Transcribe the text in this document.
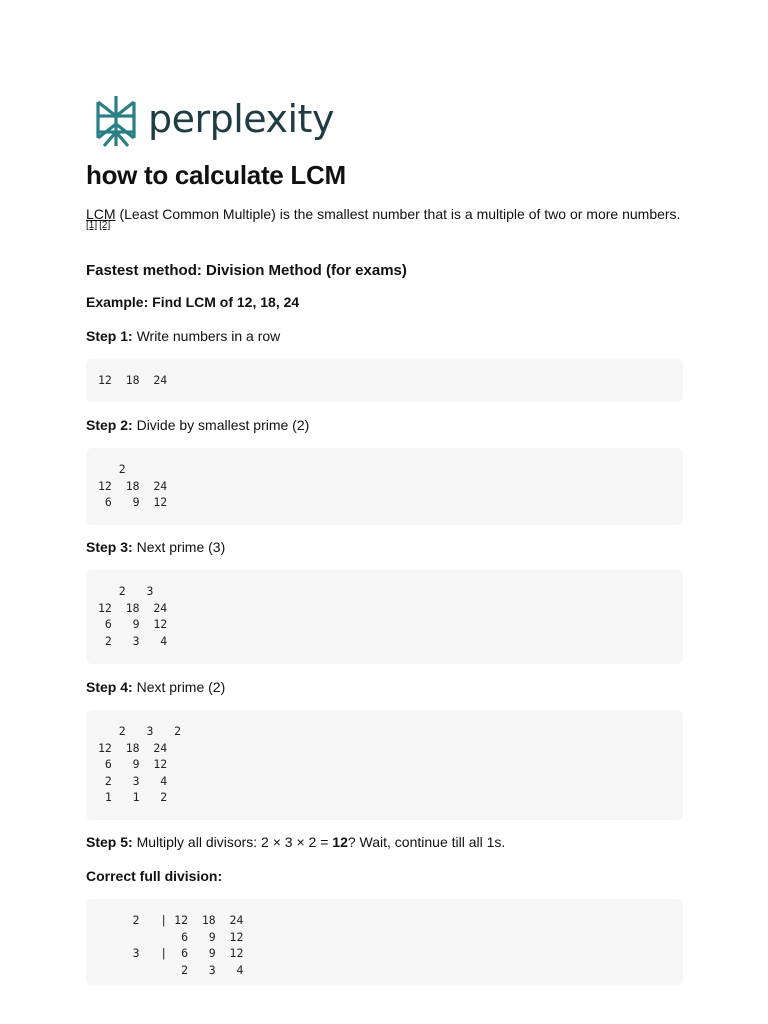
perplexity
how to calculate LCM
LCM (Least Common Multiple) is the smallest number that is a multiple of two or more numbers.
[1] [2]
Fastest method: Division Method (for exams)
Example: Find LCM of 12, 18, 24
Step 1: Write numbers in a row
12  18  24
Step 2: Divide by smallest prime (2)
2
12  18  24
6   9  12
Step 3: Next prime (3)
2   3
12  18  24
6   9  12
2   3   4
Step 4: Next prime (2)
2   3   2
12  18  24
6   9  12
2   3   4
1   1   2
Step 5: Multiply all divisors: 2 × 3 × 2 = 12? Wait, continue till all 1s.
Correct full division:
2   | 12  18  24
6   9  12
3   |  6   9  12
2   3   4
